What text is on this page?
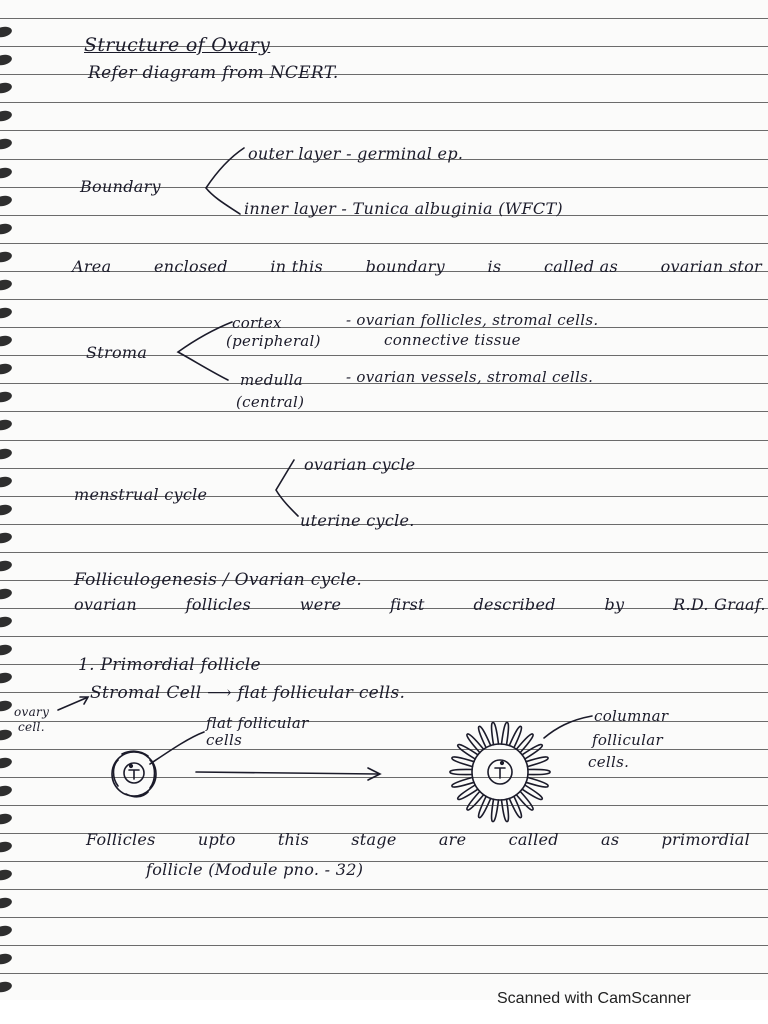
Structure of Ovary
Refer diagram from NCERT.
Boundary
outer layer - germinal ep.
inner layer - Tunica albuginia (WFCT)
Area	enclosed	in this	boundary	is	called as	ovarian stor
Stroma
cortex
(peripheral)
- ovarian follicles, stromal cells.
connective tissue
medulla
(central)
- ovarian vessels, stromal cells.
menstrual cycle
ovarian cycle
uterine cycle.
Folliculogenesis / Ovarian cycle.
ovarian	follicles	were	first	described	by	R.D. Graaf.
1. Primordial follicle
Stromal Cell ⟶ flat follicular cells.
ovary
cell.	flat follicular
cells
columnar
follicular
cells.
Follicles	upto	this	stage	are	called	as	primordial
follicle (Module pno. - 32)
Scanned with CamScanner
